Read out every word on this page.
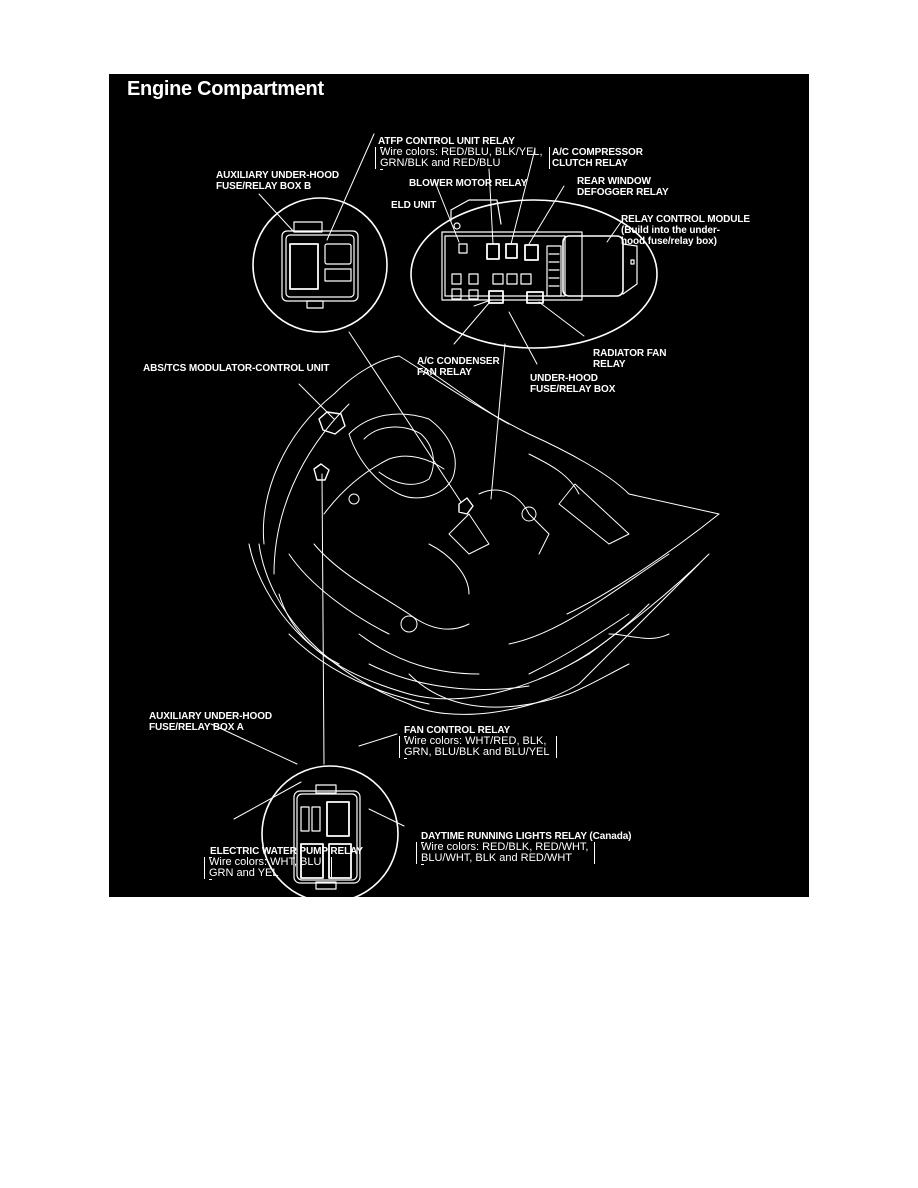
Engine Compartment
AUXILIARY UNDER-HOOD
FUSE/RELAY BOX B
ATFP CONTROL UNIT RELAY
Wire colors: RED/BLU, BLK/YEL,
GRN/BLK and RED/BLU
A/C COMPRESSOR
CLUTCH RELAY
BLOWER MOTOR RELAY	REAR WINDOW
DEFOGGER RELAY
ELD UNIT
RELAY CONTROL MODULE
(Build into the under-
hood fuse/relay box)
ABS/TCS MODULATOR-CONTROL UNIT
A/C CONDENSER
FAN RELAY
RADIATOR FAN
RELAY
UNDER-HOOD
FUSE/RELAY BOX
AUXILIARY UNDER-HOOD
FUSE/RELAY BOX A	FAN CONTROL RELAY
Wire colors: WHT/RED, BLK,
GRN, BLU/BLK and BLU/YEL
ELECTRIC WATER PUMP RELAY
Wire colors: WHT, BLU,
GRN and YEL
DAYTIME RUNNING LIGHTS RELAY (Canada)
Wire colors: RED/BLK, RED/WHT,
BLU/WHT, BLK and RED/WHT
